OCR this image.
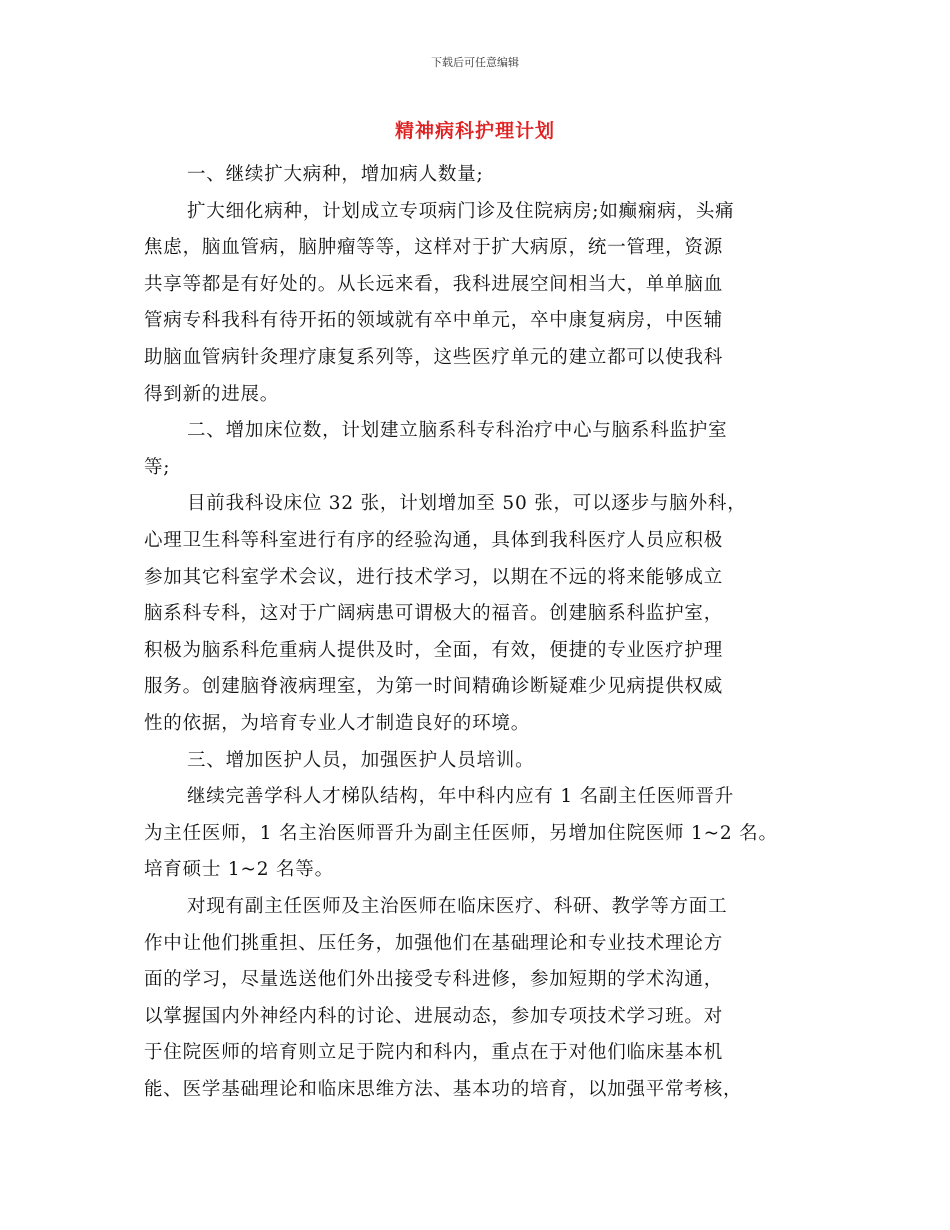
下载后可任意编辑
精神病科护理计划
一、继续扩大病种，增加病人数量;
扩大细化病种，计划成立专项病门诊及住院病房;如癫痫病，头痛
焦虑，脑血管病，脑肿瘤等等，这样对于扩大病原，统一管理，资源
共享等都是有好处的。从长远来看，我科进展空间相当大，单单脑血
管病专科我科有待开拓的领域就有卒中单元，卒中康复病房，中医辅
助脑血管病针灸理疗康复系列等，这些医疗单元的建立都可以使我科
得到新的进展。
二、增加床位数，计划建立脑系科专科治疗中心与脑系科监护室
等;
目前我科设床位 32 张，计划增加至 50 张，可以逐步与脑外科，
心理卫生科等科室进行有序的经验沟通，具体到我科医疗人员应积极
参加其它科室学术会议，进行技术学习，以期在不远的将来能够成立
脑系科专科，这对于广阔病患可谓极大的福音。创建脑系科监护室，
积极为脑系科危重病人提供及时，全面，有效，便捷的专业医疗护理
服务。创建脑脊液病理室，为第一时间精确诊断疑难少见病提供权威
性的依据，为培育专业人才制造良好的环境。
三、增加医护人员，加强医护人员培训。
继续完善学科人才梯队结构，年中科内应有 1 名副主任医师晋升
为主任医师，1 名主治医师晋升为副主任医师，另增加住院医师 1~2 名。
培育硕士 1~2 名等。
对现有副主任医师及主治医师在临床医疗、科研、教学等方面工
作中让他们挑重担、压任务，加强他们在基础理论和专业技术理论方
面的学习，尽量选送他们外出接受专科进修，参加短期的学术沟通，
以掌握国内外神经内科的讨论、进展动态，参加专项技术学习班。对
于住院医师的培育则立足于院内和科内，重点在于对他们临床基本机
能、医学基础理论和临床思维方法、基本功的培育，以加强平常考核，
